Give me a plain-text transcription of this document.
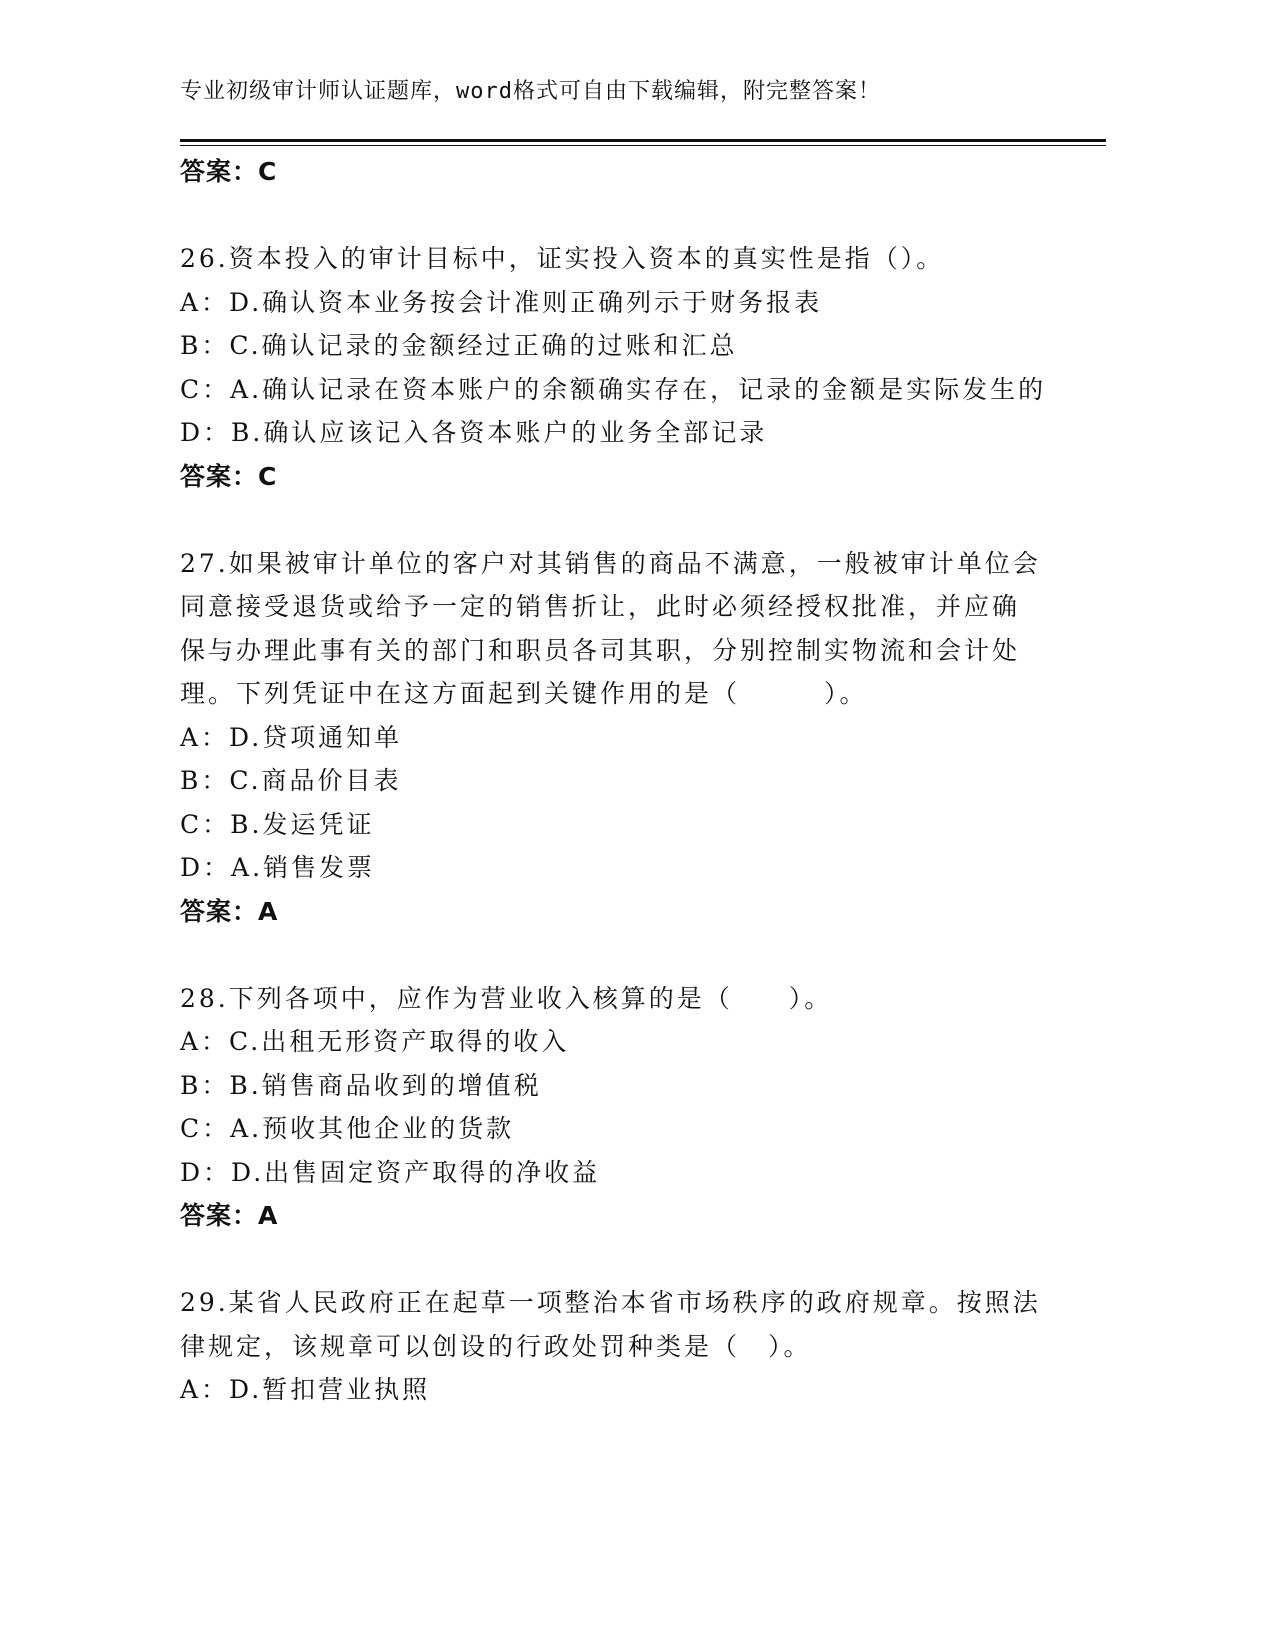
专业初级审计师认证题库，word格式可自由下载编辑，附完整答案！
答案：C
26.资本投入的审计目标中，证实投入资本的真实性是指（）。
A：D.确认资本业务按会计准则正确列示于财务报表
B：C.确认记录的金额经过正确的过账和汇总
C：A.确认记录在资本账户的余额确实存在，记录的金额是实际发生的
D：B.确认应该记入各资本账户的业务全部记录
答案：C
27.如果被审计单位的客户对其销售的商品不满意，一般被审计单位会
同意接受退货或给予一定的销售折让，此时必须经授权批准，并应确
保与办理此事有关的部门和职员各司其职，分别控制实物流和会计处
理。下列凭证中在这方面起到关键作用的是（　　　）。
A：D.贷项通知单
B：C.商品价目表
C：B.发运凭证
D：A.销售发票
答案：A
28.下列各项中，应作为营业收入核算的是（　　）。
A：C.出租无形资产取得的收入
B：B.销售商品收到的增值税
C：A.预收其他企业的货款
D：D.出售固定资产取得的净收益
答案：A
29.某省人民政府正在起草一项整治本省市场秩序的政府规章。按照法
律规定，该规章可以创设的行政处罚种类是（　）。
A：D.暂扣营业执照
